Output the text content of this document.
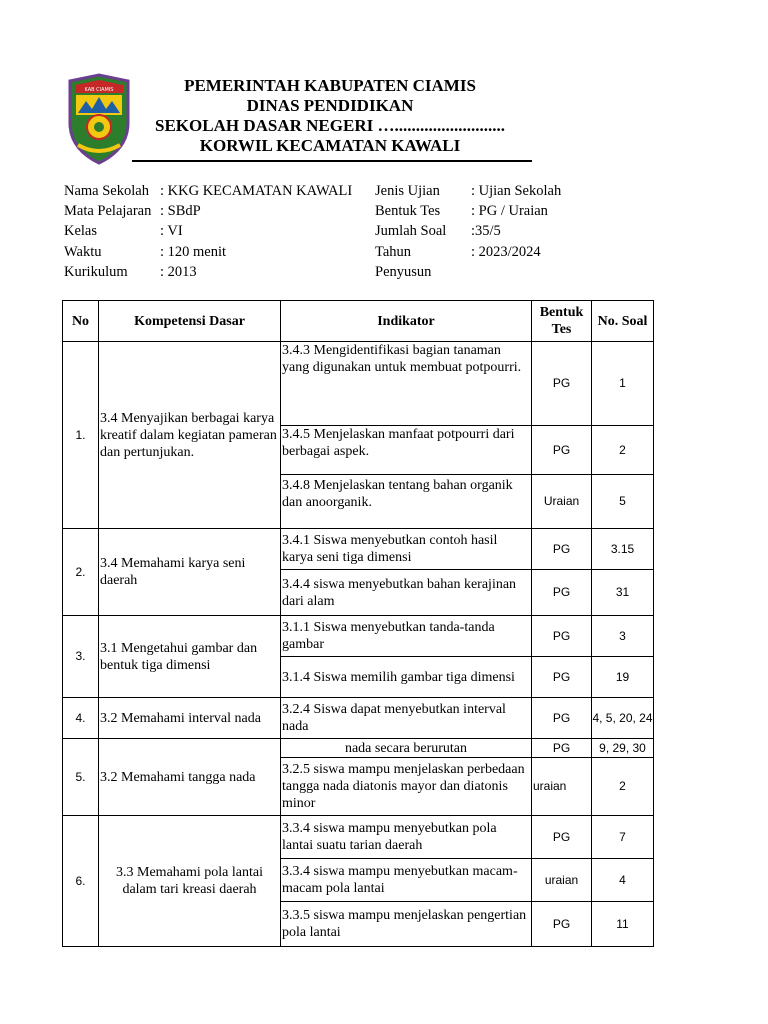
KAB CIAMIS	PEMERINTAH KABUPATEN CIAMIS
DINAS PENDIDIKAN
SEKOLAH DASAR NEGERI …..........................
KORWIL KECAMATAN KAWALI
Nama Sekolah : KKG KECAMATAN KAWALI
Mata Pelajaran : SBdP
Kelas	: VI
Waktu	: 120 menit
Kurikulum	: 2013
Jenis Ujian	: Ujian Sekolah
Bentuk Tes	: PG / Uraian
Jumlah Soal	:35/5
Tahun	: 2023/2024
Penyusun
No	Kompetensi Dasar	Indikator	Bentuk Tes	No. Soal
1.	3.4 Menyajikan berbagai karya kreatif dalam kegiatan pameran dan pertunjukan.	3.4.3 Mengidentifikasi bagian tanaman yang digunakan untuk membuat potpourri.	PG	1
		3.4.5 Menjelaskan manfaat potpourri dari berbagai aspek.	PG	2
		3.4.8 Menjelaskan tentang bahan organik dan anoorganik.	Uraian	5
2.	3.4 Memahami karya seni daerah	3.4.1 Siswa menyebutkan contoh hasil karya seni tiga dimensi	PG	3.15
		3.4.4 siswa menyebutkan bahan kerajinan dari alam	PG	31
3.	3.1 Mengetahui gambar dan bentuk tiga dimensi	3.1.1 Siswa menyebutkan tanda-tanda gambar	PG	3
		3.1.4 Siswa memilih gambar tiga dimensi	PG	19
4.	3.2 Memahami interval nada	3.2.4 Siswa dapat menyebutkan interval nada	PG	4, 5, 20, 24
5.	3.2 Memahami tangga nada	nada secara berurutan	PG	9, 29, 30
		3.2.5 siswa mampu menjelaskan perbedaan tangga nada diatonis mayor dan diatonis minor	uraian	2
6.	3.3 Memahami pola lantai dalam tari kreasi daerah	3.3.4 siswa mampu menyebutkan pola lantai suatu tarian daerah	PG	7
		3.3.4 siswa mampu menyebutkan macam-macam pola lantai	uraian	4
		3.3.5 siswa mampu menjelaskan pengertian pola lantai	PG	11
